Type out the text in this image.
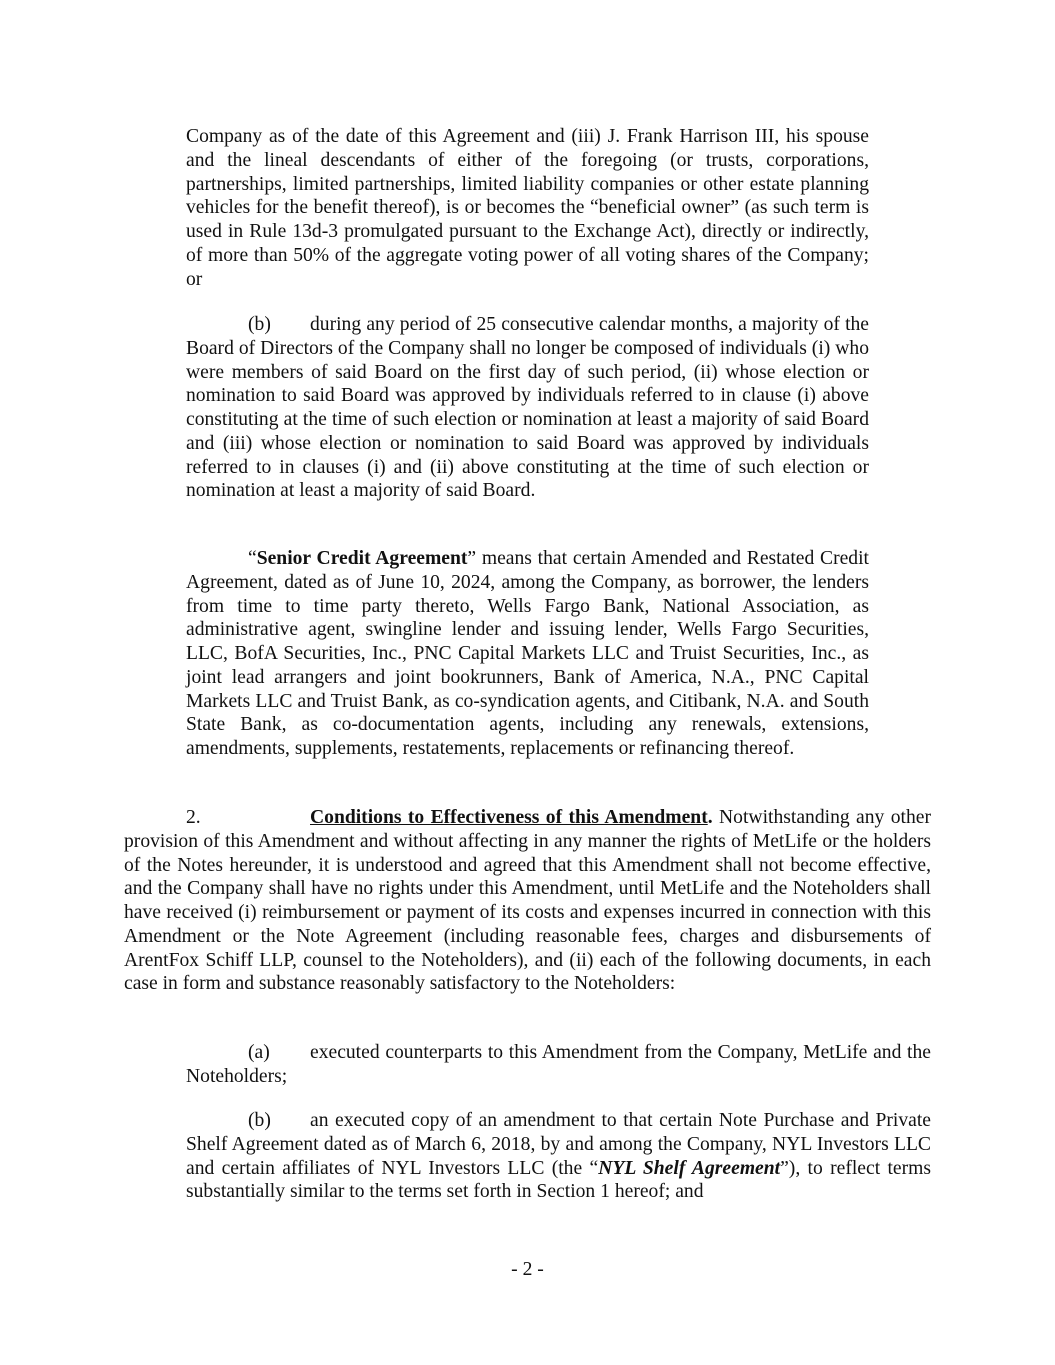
Company as of the date of this Agreement and (iii) J. Frank Harrison III, his spouse and the lineal descendants of either of the foregoing (or trusts, corporations, partnerships, limited partnerships, limited liability companies or other estate planning vehicles for the benefit thereof), is or becomes the “beneficial owner” (as such term is used in Rule 13d-3 promulgated pursuant to the Exchange Act), directly or indirectly, of more than 50% of the aggregate voting power of all voting shares of the Company; or

(b) during any period of 25 consecutive calendar months, a majority of the Board of Directors of the Company shall no longer be composed of individuals (i) who were members of said Board on the first day of such period, (ii) whose election or nomination to said Board was approved by individuals referred to in clause (i) above constituting at the time of such election or nomination at least a majority of said Board and (iii) whose election or nomination to said Board was approved by individuals referred to in clauses (i) and (ii) above constituting at the time of such election or nomination at least a majority of said Board.

“Senior Credit Agreement” means that certain Amended and Restated Credit Agreement, dated as of June 10, 2024, among the Company, as borrower, the lenders from time to time party thereto, Wells Fargo Bank, National Association, as administrative agent, swingline lender and issuing lender, Wells Fargo Securities, LLC, BofA Securities, Inc., PNC Capital Markets LLC and Truist Securities, Inc., as joint lead arrangers and joint bookrunners, Bank of America, N.A., PNC Capital Markets LLC and Truist Bank, as co-syndication agents, and Citibank, N.A. and South State Bank, as co-documentation agents, including any renewals, extensions, amendments, supplements, restatements, replacements or refinancing thereof.

2.	Conditions to Effectiveness of this Amendment. Notwithstanding any other provision of this Amendment and without affecting in any manner the rights of MetLife or the holders of the Notes hereunder, it is understood and agreed that this Amendment shall not become effective, and the Company shall have no rights under this Amendment, until MetLife and the Noteholders shall have received (i) reimbursement or payment of its costs and expenses incurred in connection with this Amendment or the Note Agreement (including reasonable fees, charges and disbursements of ArentFox Schiff LLP, counsel to the Noteholders), and (ii) each of the following documents, in each case in form and substance reasonably satisfactory to the Noteholders:

(a) executed counterparts to this Amendment from the Company, MetLife and the Noteholders;

(b) an executed copy of an amendment to that certain Note Purchase and Private Shelf Agreement dated as of March 6, 2018, by and among the Company, NYL Investors LLC and certain affiliates of NYL Investors LLC (the “NYL Shelf Agreement”), to reflect terms substantially similar to the terms set forth in Section 1 hereof; and

- 2 -
